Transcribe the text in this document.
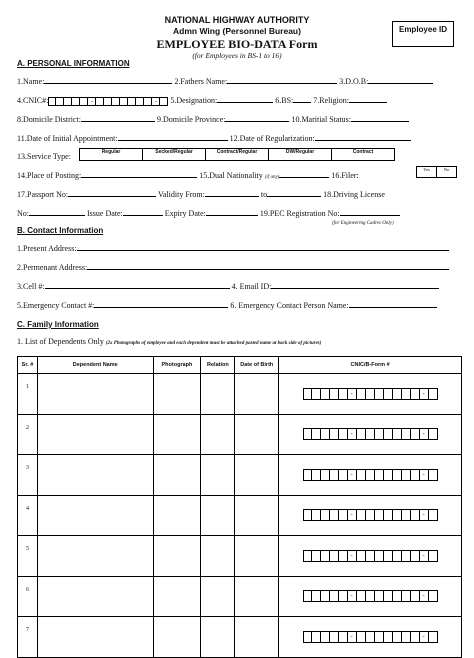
NATIONAL HIGHWAY AUTHORITY
Admn Wing (Personnel Bureau)
EMPLOYEE BIO-DATA Form
(for Employees in BS-1 to 16)
Employee ID
A. PERSONAL INFORMATION
1.Name:	2.Fathers Name:	3.D.O.B:
4.CNIC#:	-	- 5.Designation:	6.BS:	7.Religion:
8.Domicile District:	9.Domicile Province:	10.Maritial Status:
11.Date of Initial Appointment:	12.Date of Regularization:
13.Service Type:	Regular	Secked/Regular	Contract/Regular	DW/Regular	Contract
14.Place of Posting:	15.Dual Nationality (if any)	16.Filer:
Yes	No
17.Passport No:	Validity From:	to	18.Driving License
No:	Issue Date:	Expiry Date:	19.PEC Registration No:
(for Engineering Cadres Only)
B. Contact Information
1.Present Address:
2.Permenant Address:
3.Cell #:	4. Email ID:
5.Emergency Contact #:	6. Emergency Contact Person Name:
C. Family Information
1. List of Dependents Only (2x Photographs of employee and each dependent must be attached pasted name at back side of pictures)
Sr. #	Dependent Name	Photograph	Relation	Date of Birth	CNIC/B-Form #
1					- -

2					- -

3					- -

4					- -

5					- -

6					- -

7					- -
